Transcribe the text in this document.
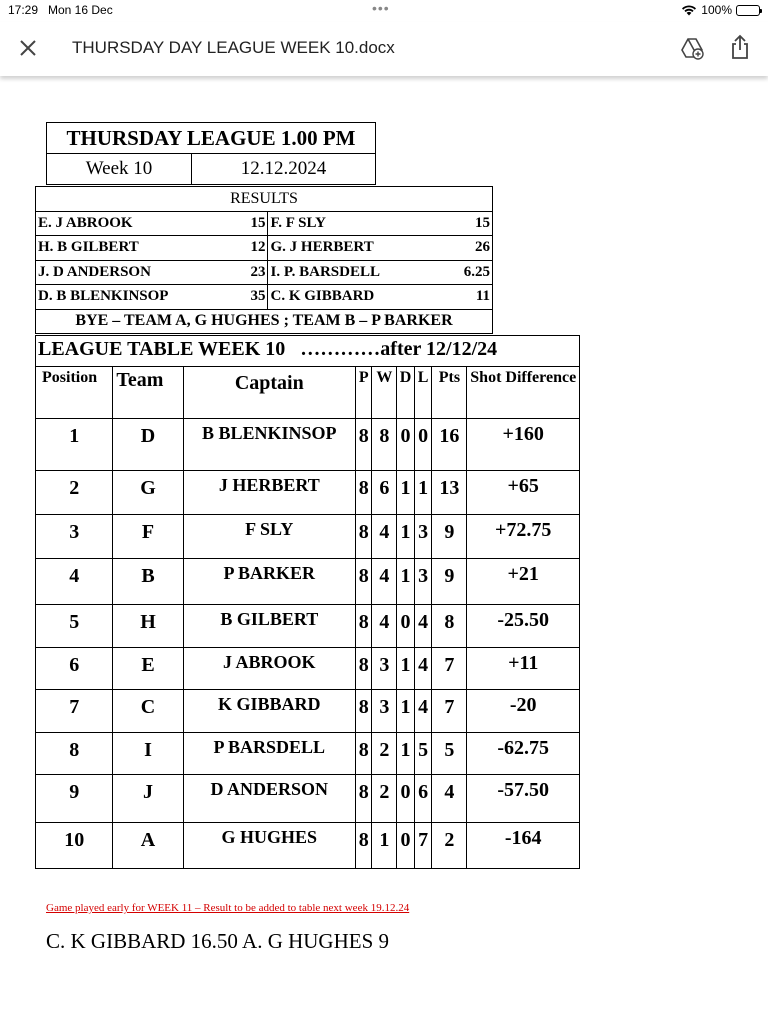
17:29 Mon 16 Dec	•••	100%
THURSDAY DAY LEAGUE WEEK 10.docx
THURSDAY LEAGUE 1.00 PM
Week 10	12.12.2024
RESULTS			
E. J ABROOK	15	F. F SLY	15
H. B GILBERT	12	G. J HERBERT	26
J. D ANDERSON	23	I. P. BARSDELL	6.25
D. B BLENKINSOP	35	C. K GIBBARD	11
BYE – TEAM A, G HUGHES ; TEAM B – P BARKER			
LEAGUE TABLE WEEK 10 …………after 12/12/24								
Position	Team	Captain	P	W	D	L	Pts	Shot Difference
1	D	B BLENKINSOP	8	8	0	0	16	+160
2	G	J HERBERT	8	6	1	1	13	+65
3	F	F SLY	8	4	1	3	9	+72.75
4	B	P BARKER	8	4	1	3	9	+21
5	H	B GILBERT	8	4	0	4	8	-25.50
6	E	J ABROOK	8	3	1	4	7	+11
7	C	K GIBBARD	8	3	1	4	7	-20
8	I	P BARSDELL	8	2	1	5	5	-62.75
9	J	D ANDERSON	8	2	0	6	4	-57.50
10	A	G HUGHES	8	1	0	7	2	-164
Game played early for WEEK 11 – Result to be added to table next week 19.12.24
C. K GIBBARD 16.50 A. G HUGHES 9
